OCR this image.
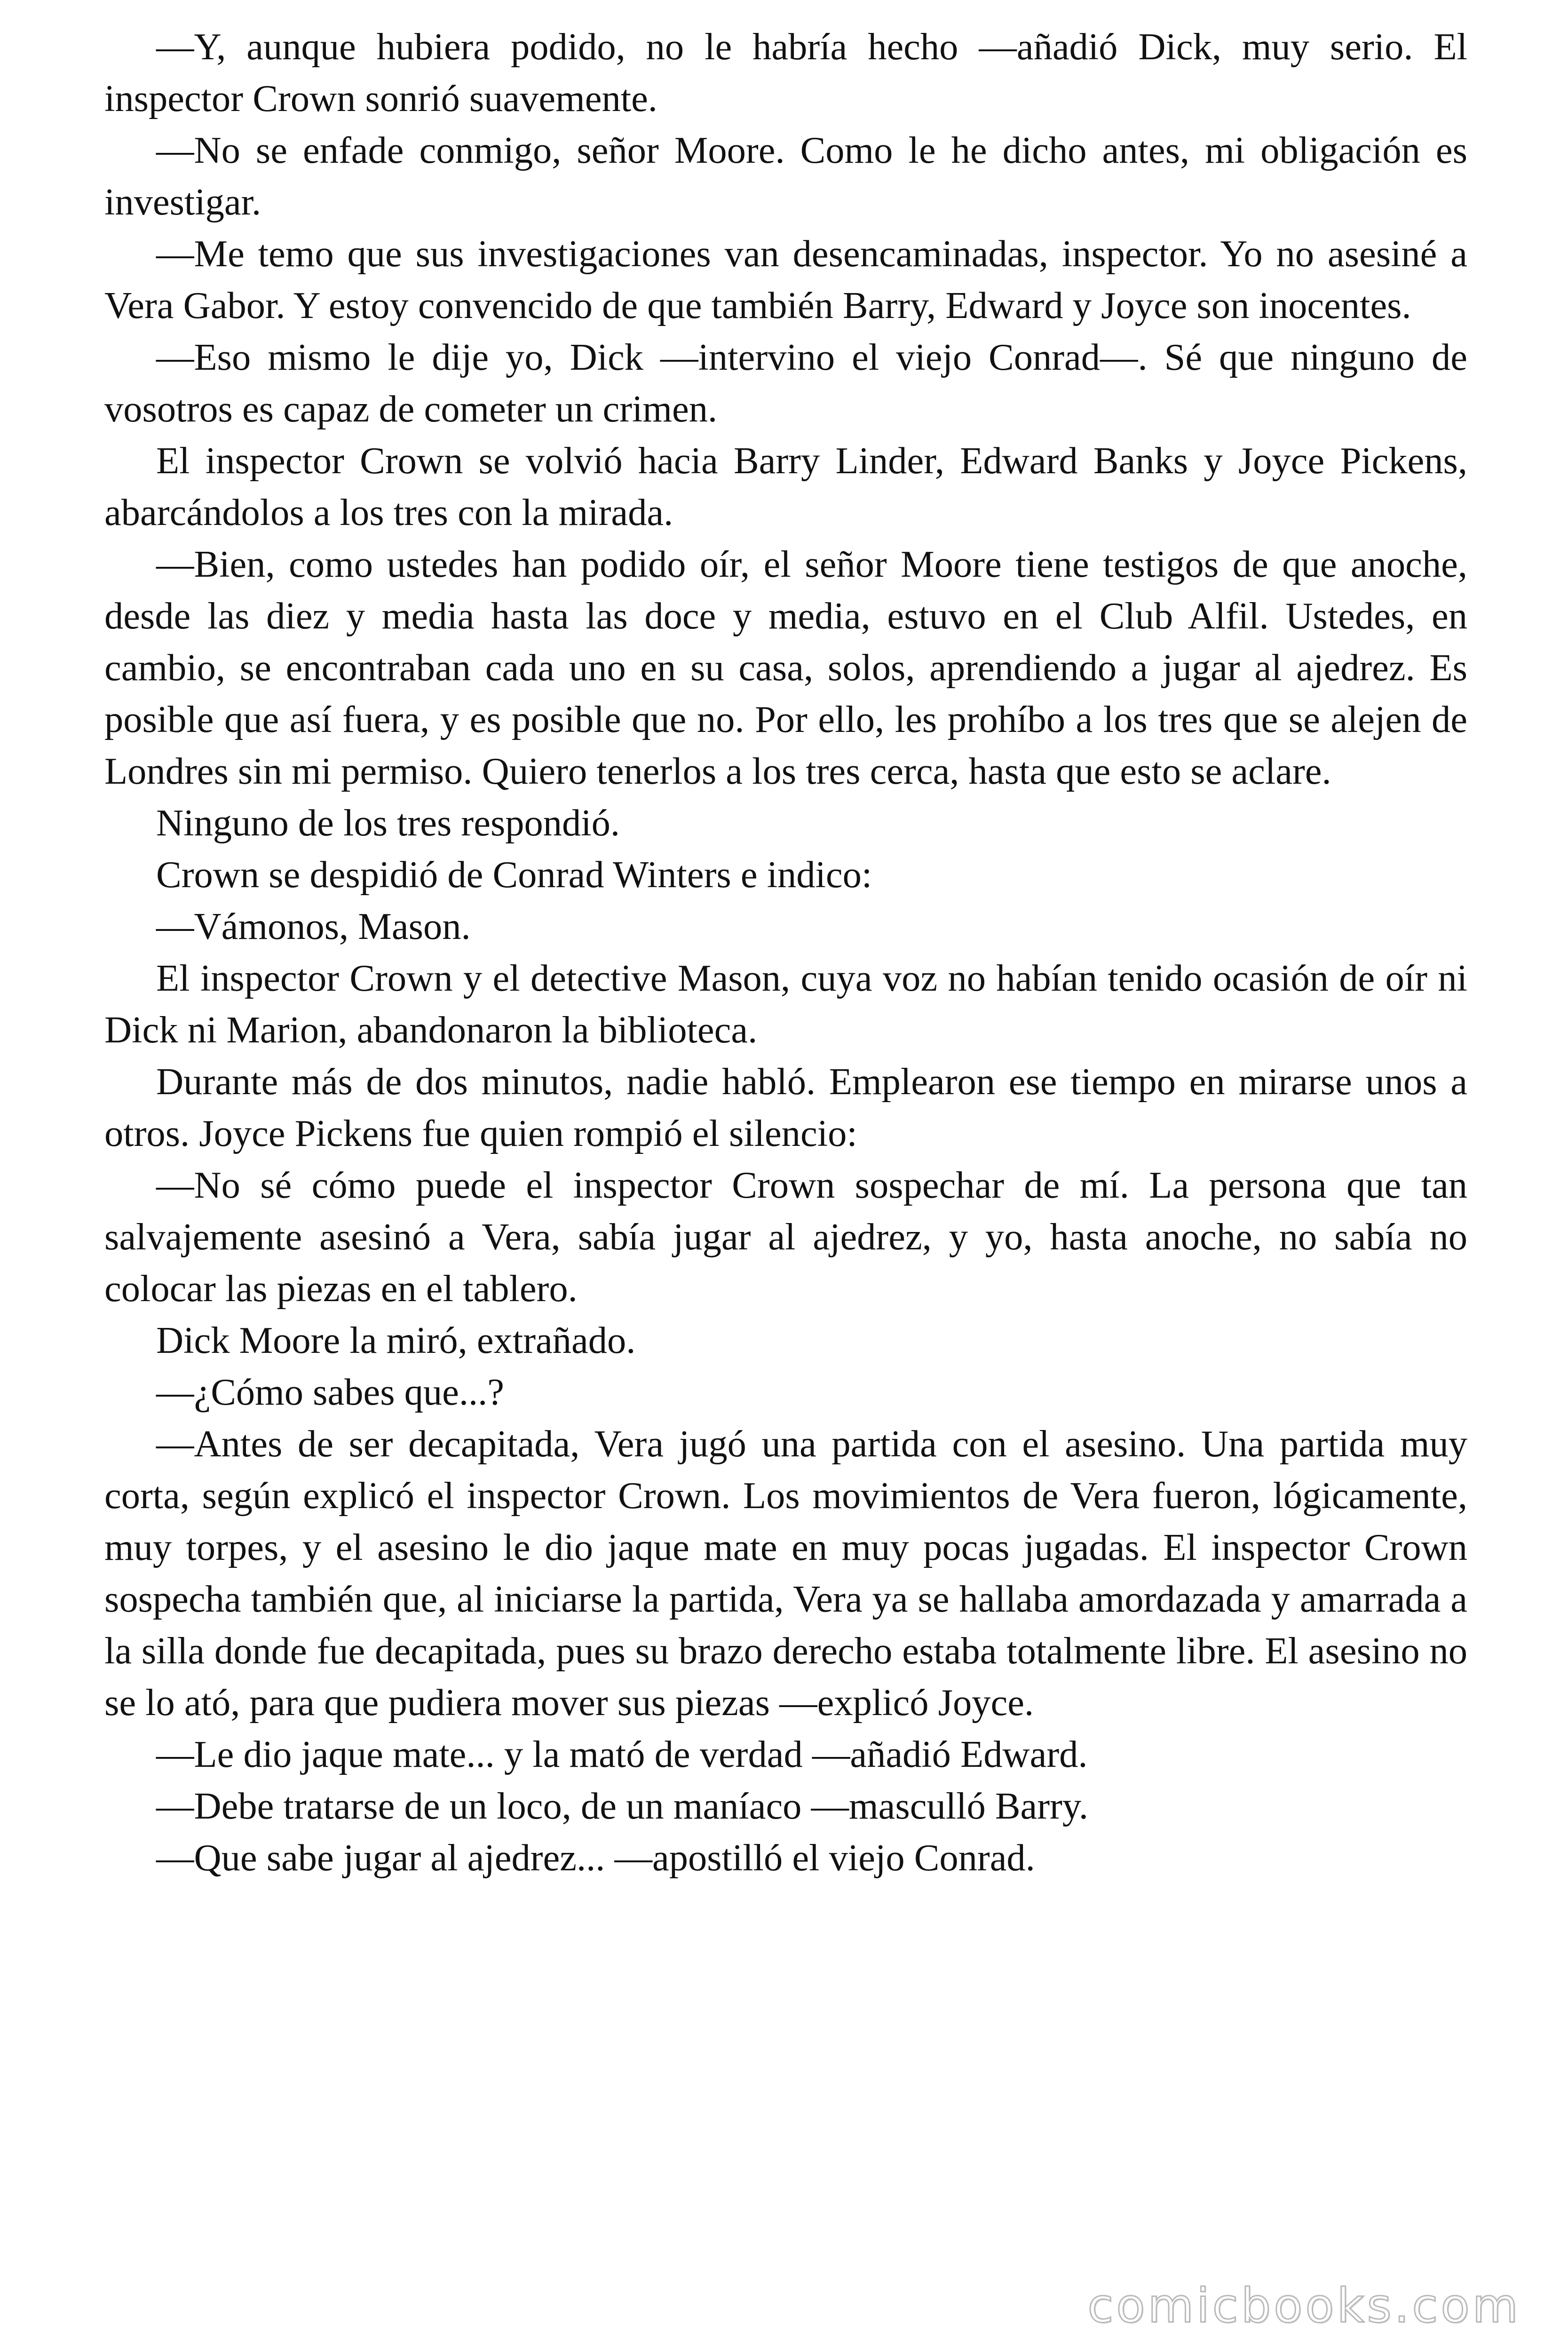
—Y, aunque hubiera podido, no le habría hecho —añadió Dick, muy serio. El inspector Crown sonrió suavemente.

—No se enfade conmigo, señor Moore. Como le he dicho antes, mi obligación es investigar.

—Me temo que sus investigaciones van desencaminadas, inspector. Yo no asesiné a Vera Gabor. Y estoy convencido de que también Barry, Edward y Joyce son inocentes.

—Eso mismo le dije yo, Dick —intervino el viejo Conrad—. Sé que ninguno de vosotros es capaz de cometer un crimen.

El inspector Crown se volvió hacia Barry Linder, Edward Banks y Joyce Pickens, abarcándolos a los tres con la mirada.

—Bien, como ustedes han podido oír, el señor Moore tiene testigos de que anoche, desde las diez y media hasta las doce y media, estuvo en el Club Alfil. Ustedes, en cambio, se encontraban cada uno en su casa, solos, aprendiendo a jugar al ajedrez. Es posible que así fuera, y es posible que no. Por ello, les prohíbo a los tres que se alejen de Londres sin mi permiso. Quiero tenerlos a los tres cerca, hasta que esto se aclare.

Ninguno de los tres respondió.

Crown se despidió de Conrad Winters e indico:

—Vámonos, Mason.

El inspector Crown y el detective Mason, cuya voz no habían tenido ocasión de oír ni Dick ni Marion, abandonaron la biblioteca.

Durante más de dos minutos, nadie habló. Emplearon ese tiempo en mirarse unos a otros. Joyce Pickens fue quien rompió el silencio:

—No sé cómo puede el inspector Crown sospechar de mí. La persona que tan salvajemente asesinó a Vera, sabía jugar al ajedrez, y yo, hasta anoche, no sabía no colocar las piezas en el tablero.

Dick Moore la miró, extrañado.

—¿Cómo sabes que...?

—Antes de ser decapitada, Vera jugó una partida con el asesino. Una partida muy corta, según explicó el inspector Crown. Los movimientos de Vera fueron, lógicamente, muy torpes, y el asesino le dio jaque mate en muy pocas jugadas. El inspector Crown sospecha también que, al iniciarse la partida, Vera ya se hallaba amordazada y amarrada a la silla donde fue decapitada, pues su brazo derecho estaba totalmente libre. El asesino no se lo ató, para que pudiera mover sus piezas —explicó Joyce.

—Le dio jaque mate... y la mató de verdad —añadió Edward.

—Debe tratarse de un loco, de un maníaco —masculló Barry.

—Que sabe jugar al ajedrez... —apostilló el viejo Conrad.

comicbooks.com
